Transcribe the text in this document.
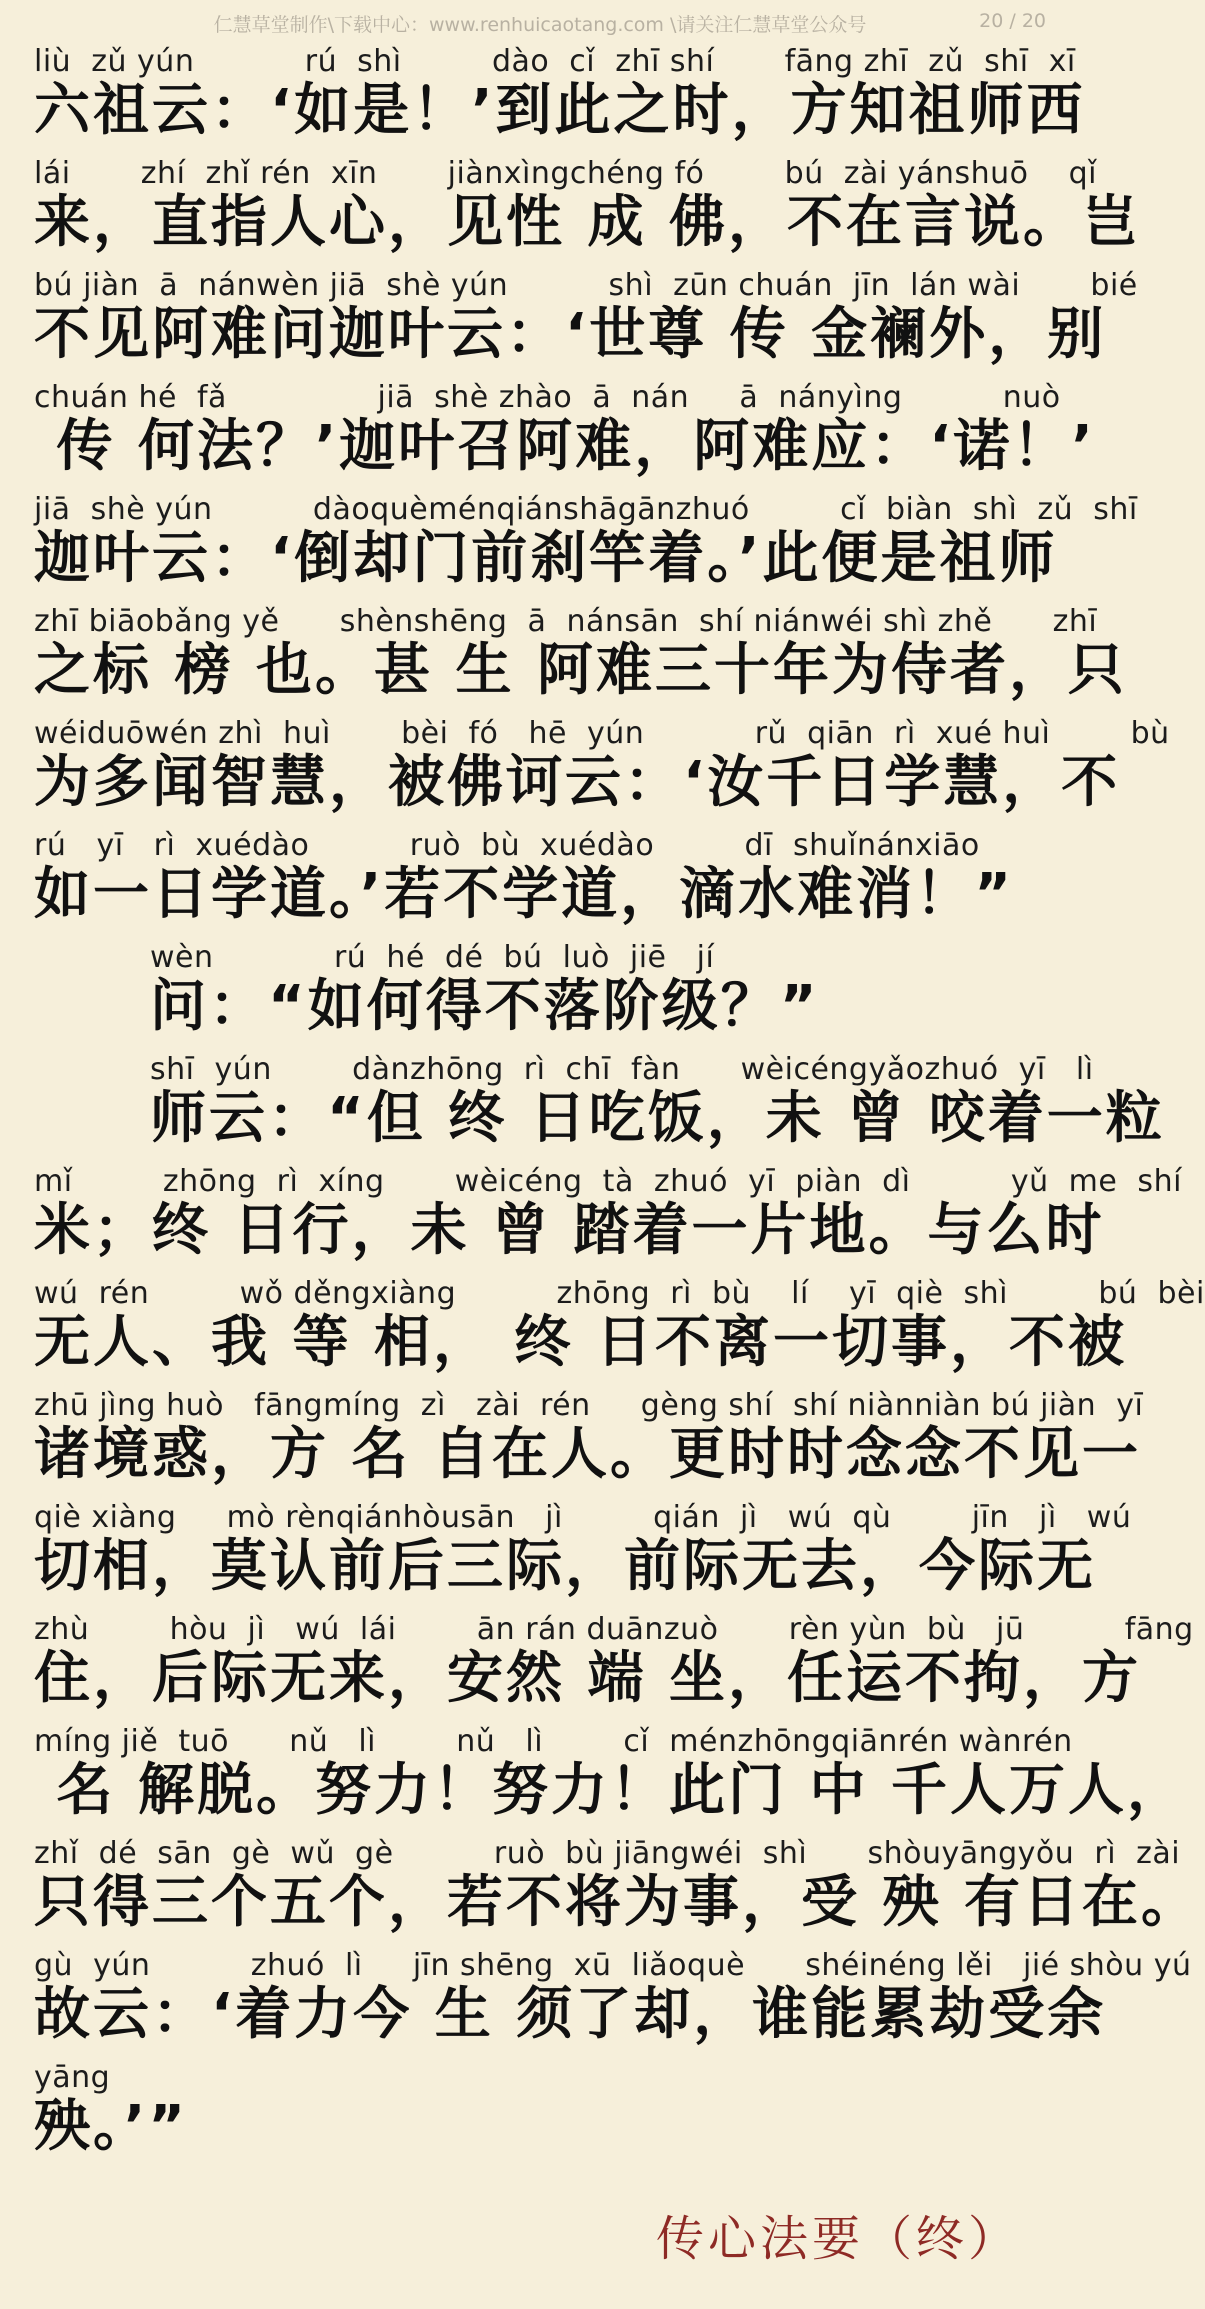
仁慧草堂制作\下载中心：www.renhuicaotang.com \请关注仁慧草堂公众号	20 / 20
liù  zǔ yún           rú  shì         dào  cǐ  zhī shí       fāng zhī  zǔ  shī  xī
六祖云：‘如是！’到此之时，方知祖师西
lái       zhí  zhǐ rén  xīn       jiànxìngchéng fó        bú  zài yánshuō    qǐ
来，直指人心，见性 成 佛，不在言说。岂
bú jiàn  ā  nánwèn jiā  shè yún          shì  zūn chuán  jīn  lán wài       bié
不见阿难问迦叶云：‘世尊 传 金襕外，别
chuán hé  fǎ               jiā  shè zhào  ā  nán     ā  nányìng          nuò
传 何法？’迦叶召阿难，阿难应：‘诺！’
jiā  shè yún          dàoquèménqiánshāgānzhuó         cǐ  biàn  shì  zǔ  shī
迦叶云：‘倒却门前刹竿着。’此便是祖师
zhī biāobǎng yě      shènshēng  ā  nánsān  shí niánwéi shì zhě      zhī
之标 榜 也。甚 生 阿难三十年为侍者，只
wéiduōwén zhì  huì       bèi  fó   hē  yún           rǔ  qiān  rì  xué huì        bù
为多闻智慧，被佛诃云：‘汝千日学慧，不
rú   yī   rì  xuédào          ruò  bù  xuédào         dī  shuǐnánxiāo
如一日学道。’若不学道，滴水难消！”
wèn            rú  hé  dé  bú  luò  jiē   jí
问：“如何得不落阶级？”
shī  yún        dànzhōng  rì  chī  fàn      wèicéngyǎozhuó  yī   lì
师云：“但 终 日吃饭，未 曾 咬着一粒
mǐ         zhōng  rì  xíng       wèicéng  tà  zhuó  yī  piàn  dì          yǔ  me  shí
米；终 日行，未 曾 踏着一片地。与么时
wú  rén         wǒ děngxiàng          zhōng  rì  bù    lí    yī  qiè  shì         bú  bèi
无人、我 等 相， 终 日不离一切事，不被
zhū jìng huò   fāngmíng  zì   zài  rén     gèng shí  shí niànniàn bú jiàn  yī
诸境惑，方 名 自在人。更时时念念不见一
qiè xiàng     mò rènqiánhòusān   jì         qián  jì   wú  qù        jīn   jì   wú
切相，莫认前后三际，前际无去，今际无
zhù        hòu  jì   wú  lái        ān rán duānzuò       rèn yùn  bù   jū          fāng
住，后际无来，安然 端 坐，任运不拘，方
míng jiě  tuō      nǔ   lì        nǔ   lì        cǐ  ménzhōngqiānrén wànrén
名 解脱。努力！努力！此门 中 千人万人，
zhǐ  dé  sān  gè  wǔ  gè          ruò  bù jiāngwéi  shì      shòuyāngyǒu  rì  zài
只得三个五个，若不将为事，受 殃 有日在。
gù  yún          zhuó  lì     jīn shēng  xū  liǎoquè      shéinéng lěi   jié shòu yú
故云：‘着力今 生 须了却，谁能累劫受余
yāng
殃。’”
传心法要（终）
